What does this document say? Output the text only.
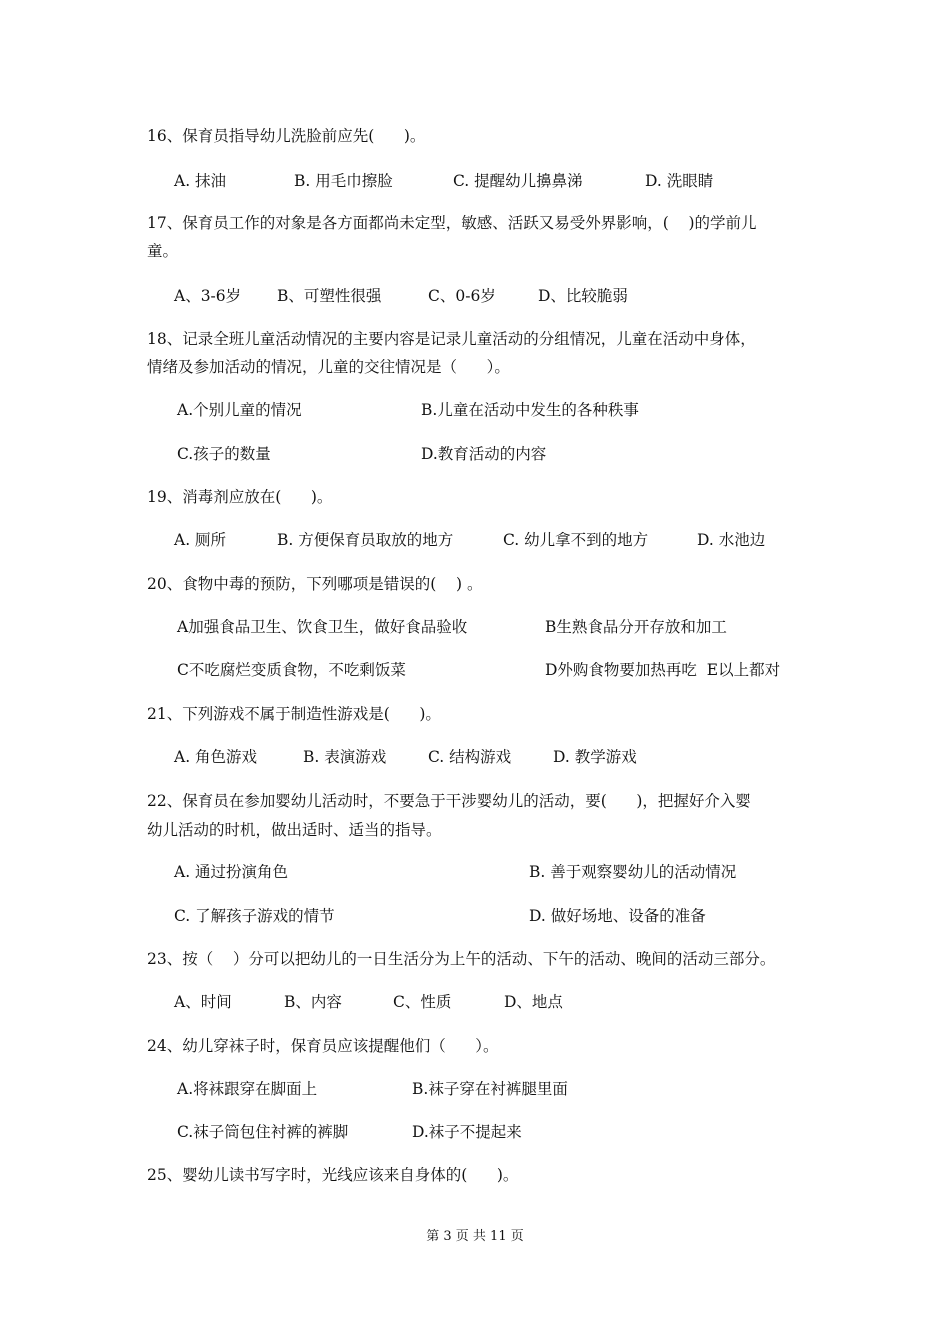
16、保育员指导幼儿洗脸前应先(      )。
A. 抹油	B. 用毛巾擦脸	C. 提醒幼儿擤鼻涕	D. 洗眼睛
17、保育员工作的对象是各方面都尚未定型，敏感、活跃又易受外界影响，(    )的学前儿
童。
A、3-6岁 B、可塑性很强	C、0-6岁	D、比较脆弱
18、记录全班儿童活动情况的主要内容是记录儿童活动的分组情况，儿童在活动中身体，
情绪及参加活动的情况，儿童的交往情况是（      ）。
A.个别儿童的情况	B.儿童在活动中发生的各种秩事
C.孩子的数量	D.教育活动的内容
19、消毒剂应放在(      )。
A. 厕所	B. 方便保育员取放的地方	C. 幼儿拿不到的地方	D. 水池边
20、食物中毒的预防，下列哪项是错误的(    ) 。
A加强食品卫生、饮食卫生，做好食品验收	B生熟食品分开存放和加工
C不吃腐烂变质食物，不吃剩饭菜	D外购食物要加热再吃  E以上都对
21、下列游戏不属于制造性游戏是(      )。
A. 角色游戏	B. 表演游戏	C. 结构游戏	D. 教学游戏
22、保育员在参加婴幼儿活动时，不要急于干涉婴幼儿的活动，要(      )，把握好介入婴
幼儿活动的时机，做出适时、适当的指导。
A. 通过扮演角色	B. 善于观察婴幼儿的活动情况
C. 了解孩子游戏的情节	D. 做好场地、设备的准备
23、按（    ）分可以把幼儿的一日生活分为上午的活动、下午的活动、晚间的活动三部分。
A、时间	B、内容	C、性质	D、地点
24、幼儿穿袜子时，保育员应该提醒他们（      ）。
A.将袜跟穿在脚面上	B.袜子穿在衬裤腿里面
C.袜子筒包住衬裤的裤脚	D.袜子不提起来
25、婴幼儿读书写字时，光线应该来自身体的(      )。
第 3 页 共 11 页
